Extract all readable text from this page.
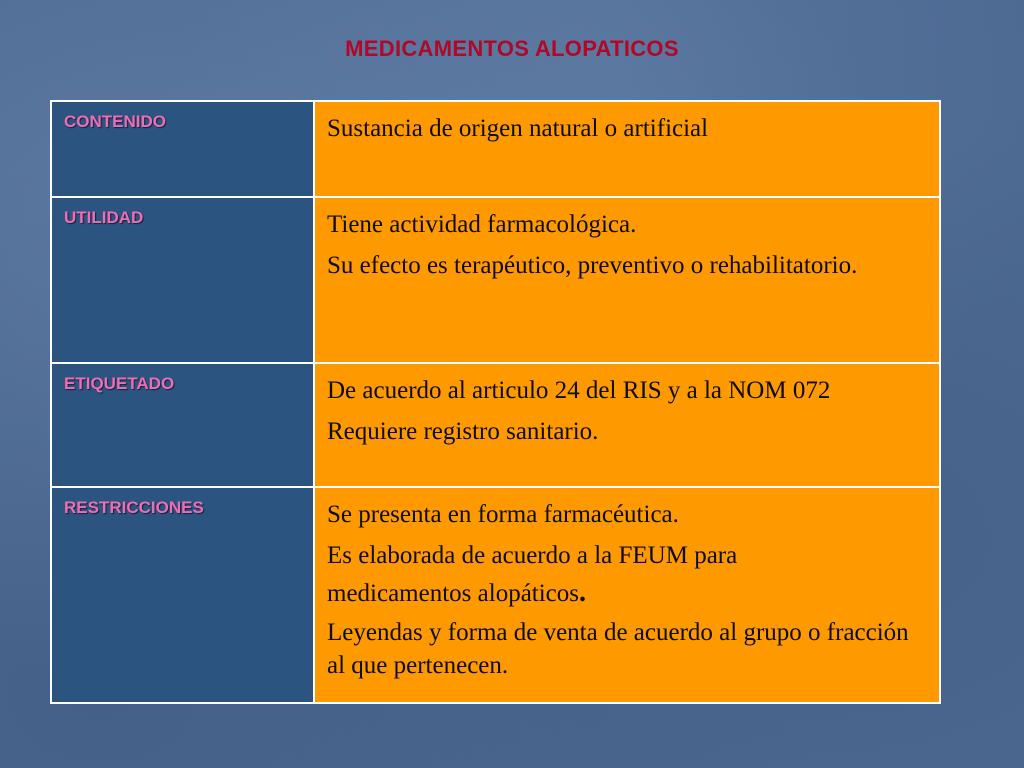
MEDICAMENTOS ALOPATICOS
CONTENIDO	Sustancia de origen natural o artificial

UTILIDAD	Tiene actividad farmacológica.

Su efecto es terapéutico, preventivo o rehabilitatorio.

ETIQUETADO	De acuerdo al articulo 24 del RIS y a la NOM 072

Requiere registro sanitario.

RESTRICCIONES	Se presenta en forma farmacéutica.

Es elaborada de acuerdo a la FEUM para

medicamentos alopáticos.

Leyendas y forma de venta de acuerdo al grupo o fracción al que pertenecen.
